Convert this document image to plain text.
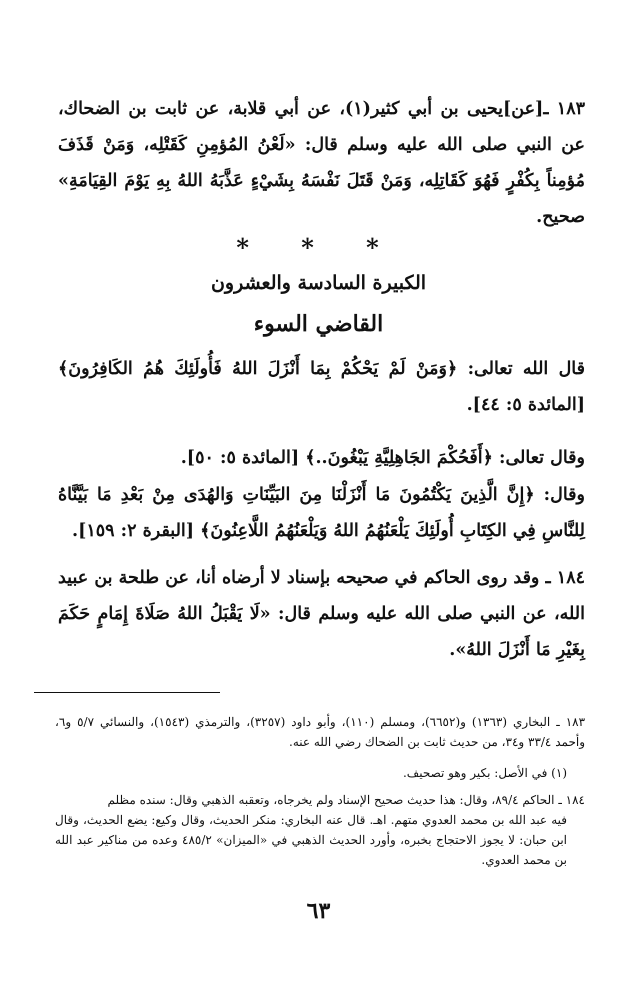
١٨٣ ـ[عن]يحيى بن أبي كثير(١)، عن أبي قلابة، عن ثابت بن الضحاك، عن النبي صلى الله عليه وسلم قال: «لَعْنُ المُؤمِنِ كَقَتْلِه، وَمَنْ قَذَفَ مُؤمِناً بِكُفْرٍ فَهُوَ كَقَاتِلِه، وَمَنْ قَتَلَ نَفْسَهُ بِشَيْءٍ عَذَّبَهُ اللهُ بِهِ يَوْمَ القِيَامَةِ» صحيح.
* * *
الكبيرة السادسة والعشرون
القاضي السوء
قال الله تعالى: ﴿وَمَنْ لَمْ يَحْكُمْ بِمَا أَنْزَلَ اللهُ فَأُولَئِكَ هُمُ الكَافِرُونَ﴾ [المائدة ٥: ٤٤].
وقال تعالى: ﴿أَفَحُكْمَ الجَاهِلِيَّةِ يَبْغُونَ..﴾ [المائدة ٥: ٥٠].
وقال: ﴿إِنَّ الَّذِينَ يَكْتُمُونَ مَا أَنْزَلْنَا مِنَ البَيِّنَاتِ وَالهُدَى مِنْ بَعْدِ مَا بَيَّنَّاهُ لِلنَّاسِ فِي الكِتَابِ أُولَئِكَ يَلْعَنُهُمُ اللهُ وَيَلْعَنُهُمُ اللَّاعِنُونَ﴾ [البقرة ٢: ١٥٩].
١٨٤ ـ وقد روى الحاكم في صحيحه بإسناد لا أرضاه أنا، عن طلحة بن عبيد الله، عن النبي صلى الله عليه وسلم قال: «لَا يَقْبَلُ اللهُ صَلَاةَ إِمَامٍ حَكَمَ بِغَيْرِ مَا أَنْزَلَ اللهُ».
١٨٣ ـ البخاري (١٣٦٣) و(٦٦٥٢)، ومسلم (١١٠)، وأبو داود (٣٢٥٧)، والترمذي (١٥٤٣)، والنسائي ٥/٧ و٦، وأحمد ٣٣/٤ و٣٤، من حديث ثابت بن الضحاك رضي الله عنه.
(١) في الأصل: بكير وهو تصحيف.
١٨٤ ـ الحاكم ٨٩/٤، وقال: هذا حديث صحيح الإسناد ولم يخرجاه، وتعقبه الذهبي وقال: سنده مظلم
فيه عبد الله بن محمد العدوي متهم. اهـ. قال عنه البخاري: منكر الحديث، وقال وكيع: يضع الحديث، وقال ابن حبان: لا يجوز الاحتجاج بخبره، وأورد الحديث الذهبي في «الميزان» ٤٨٥/٢ وعده من مناكير عبد الله بن محمد العدوي.
٦٣
